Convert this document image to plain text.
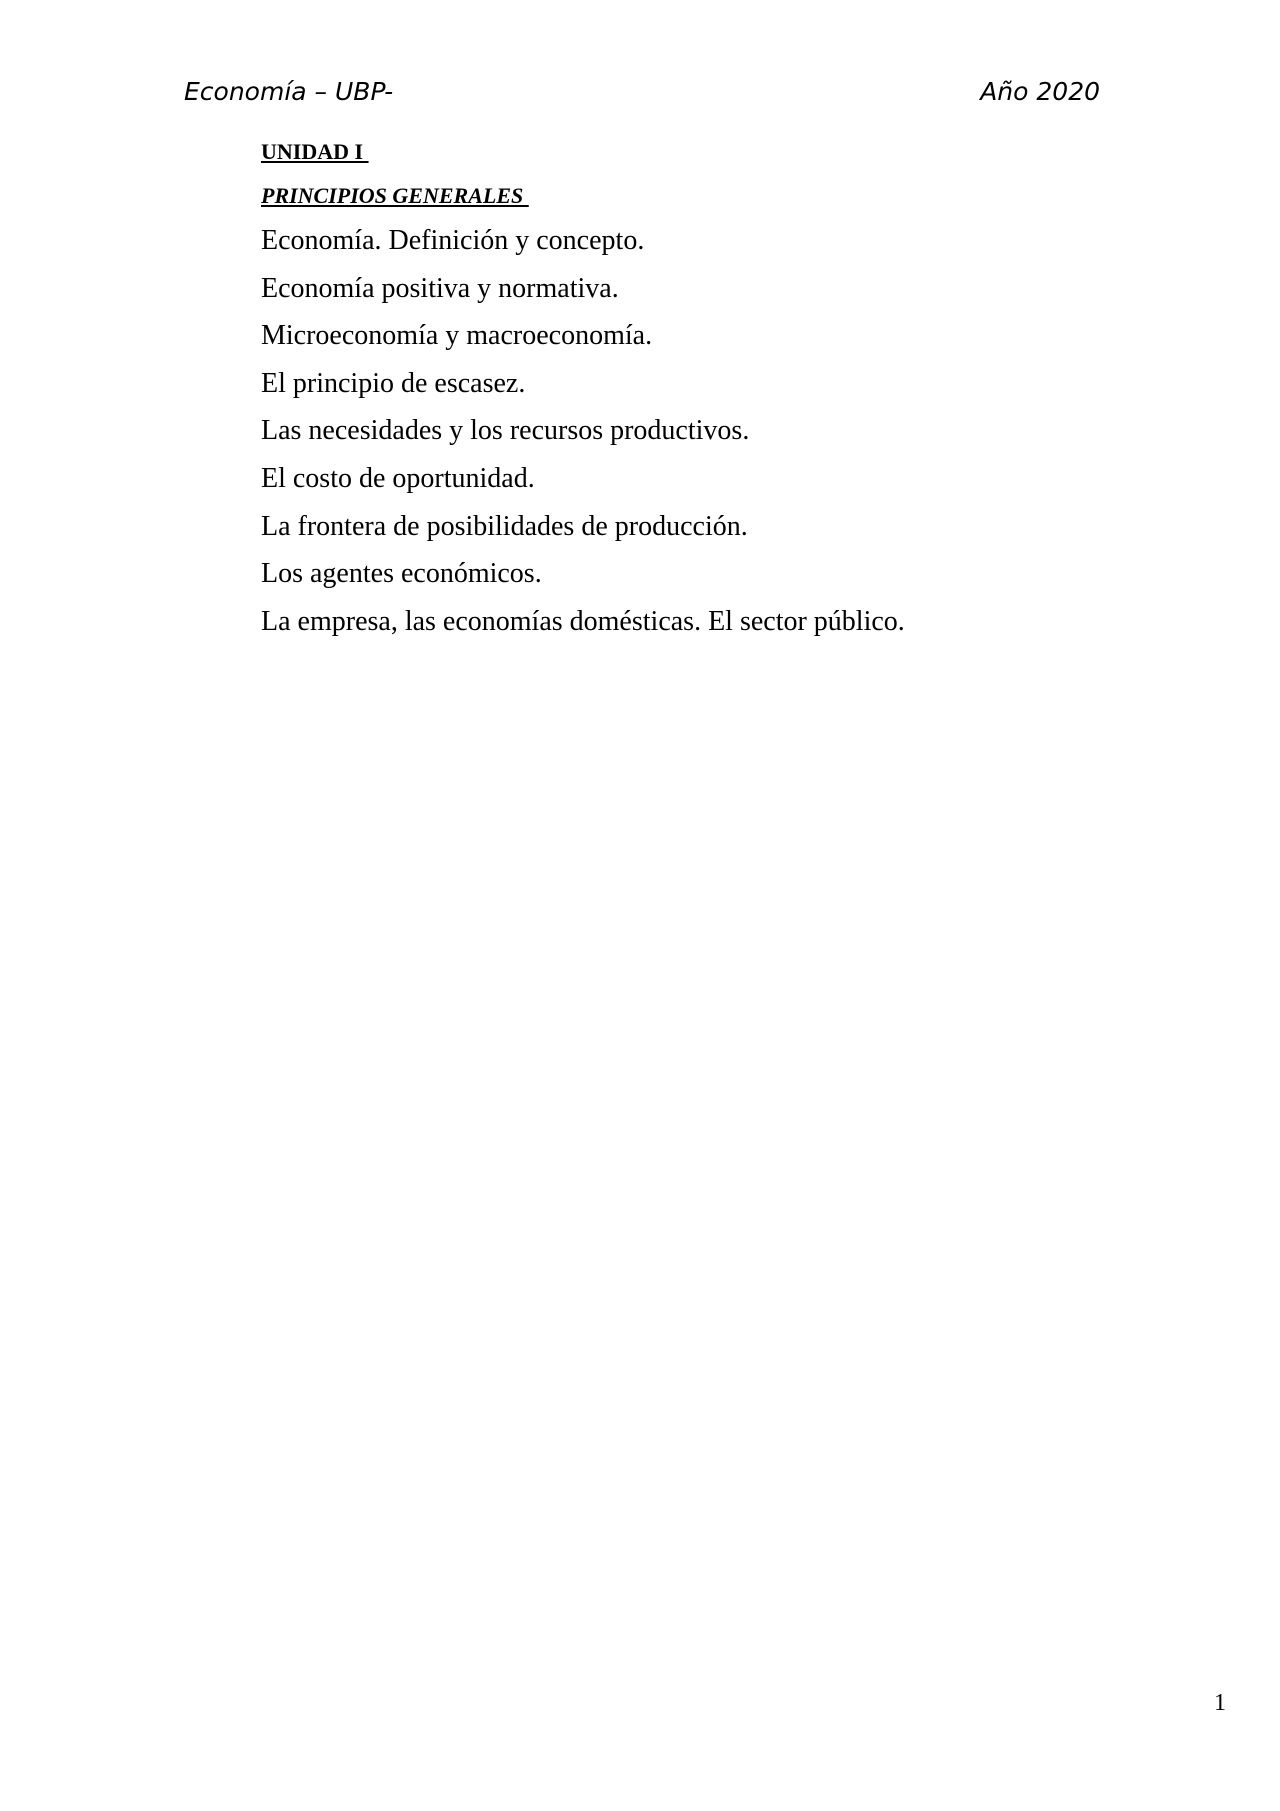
Economía – UBP-	Año 2020
UNIDAD I
PRINCIPIOS GENERALES
Economía. Definición y concepto.
Economía positiva y normativa.
Microeconomía y macroeconomía.
El principio de escasez.
Las necesidades y los recursos productivos.
El costo de oportunidad.
La frontera de posibilidades de producción.
Los agentes económicos.
La empresa, las economías domésticas. El sector público.
1
